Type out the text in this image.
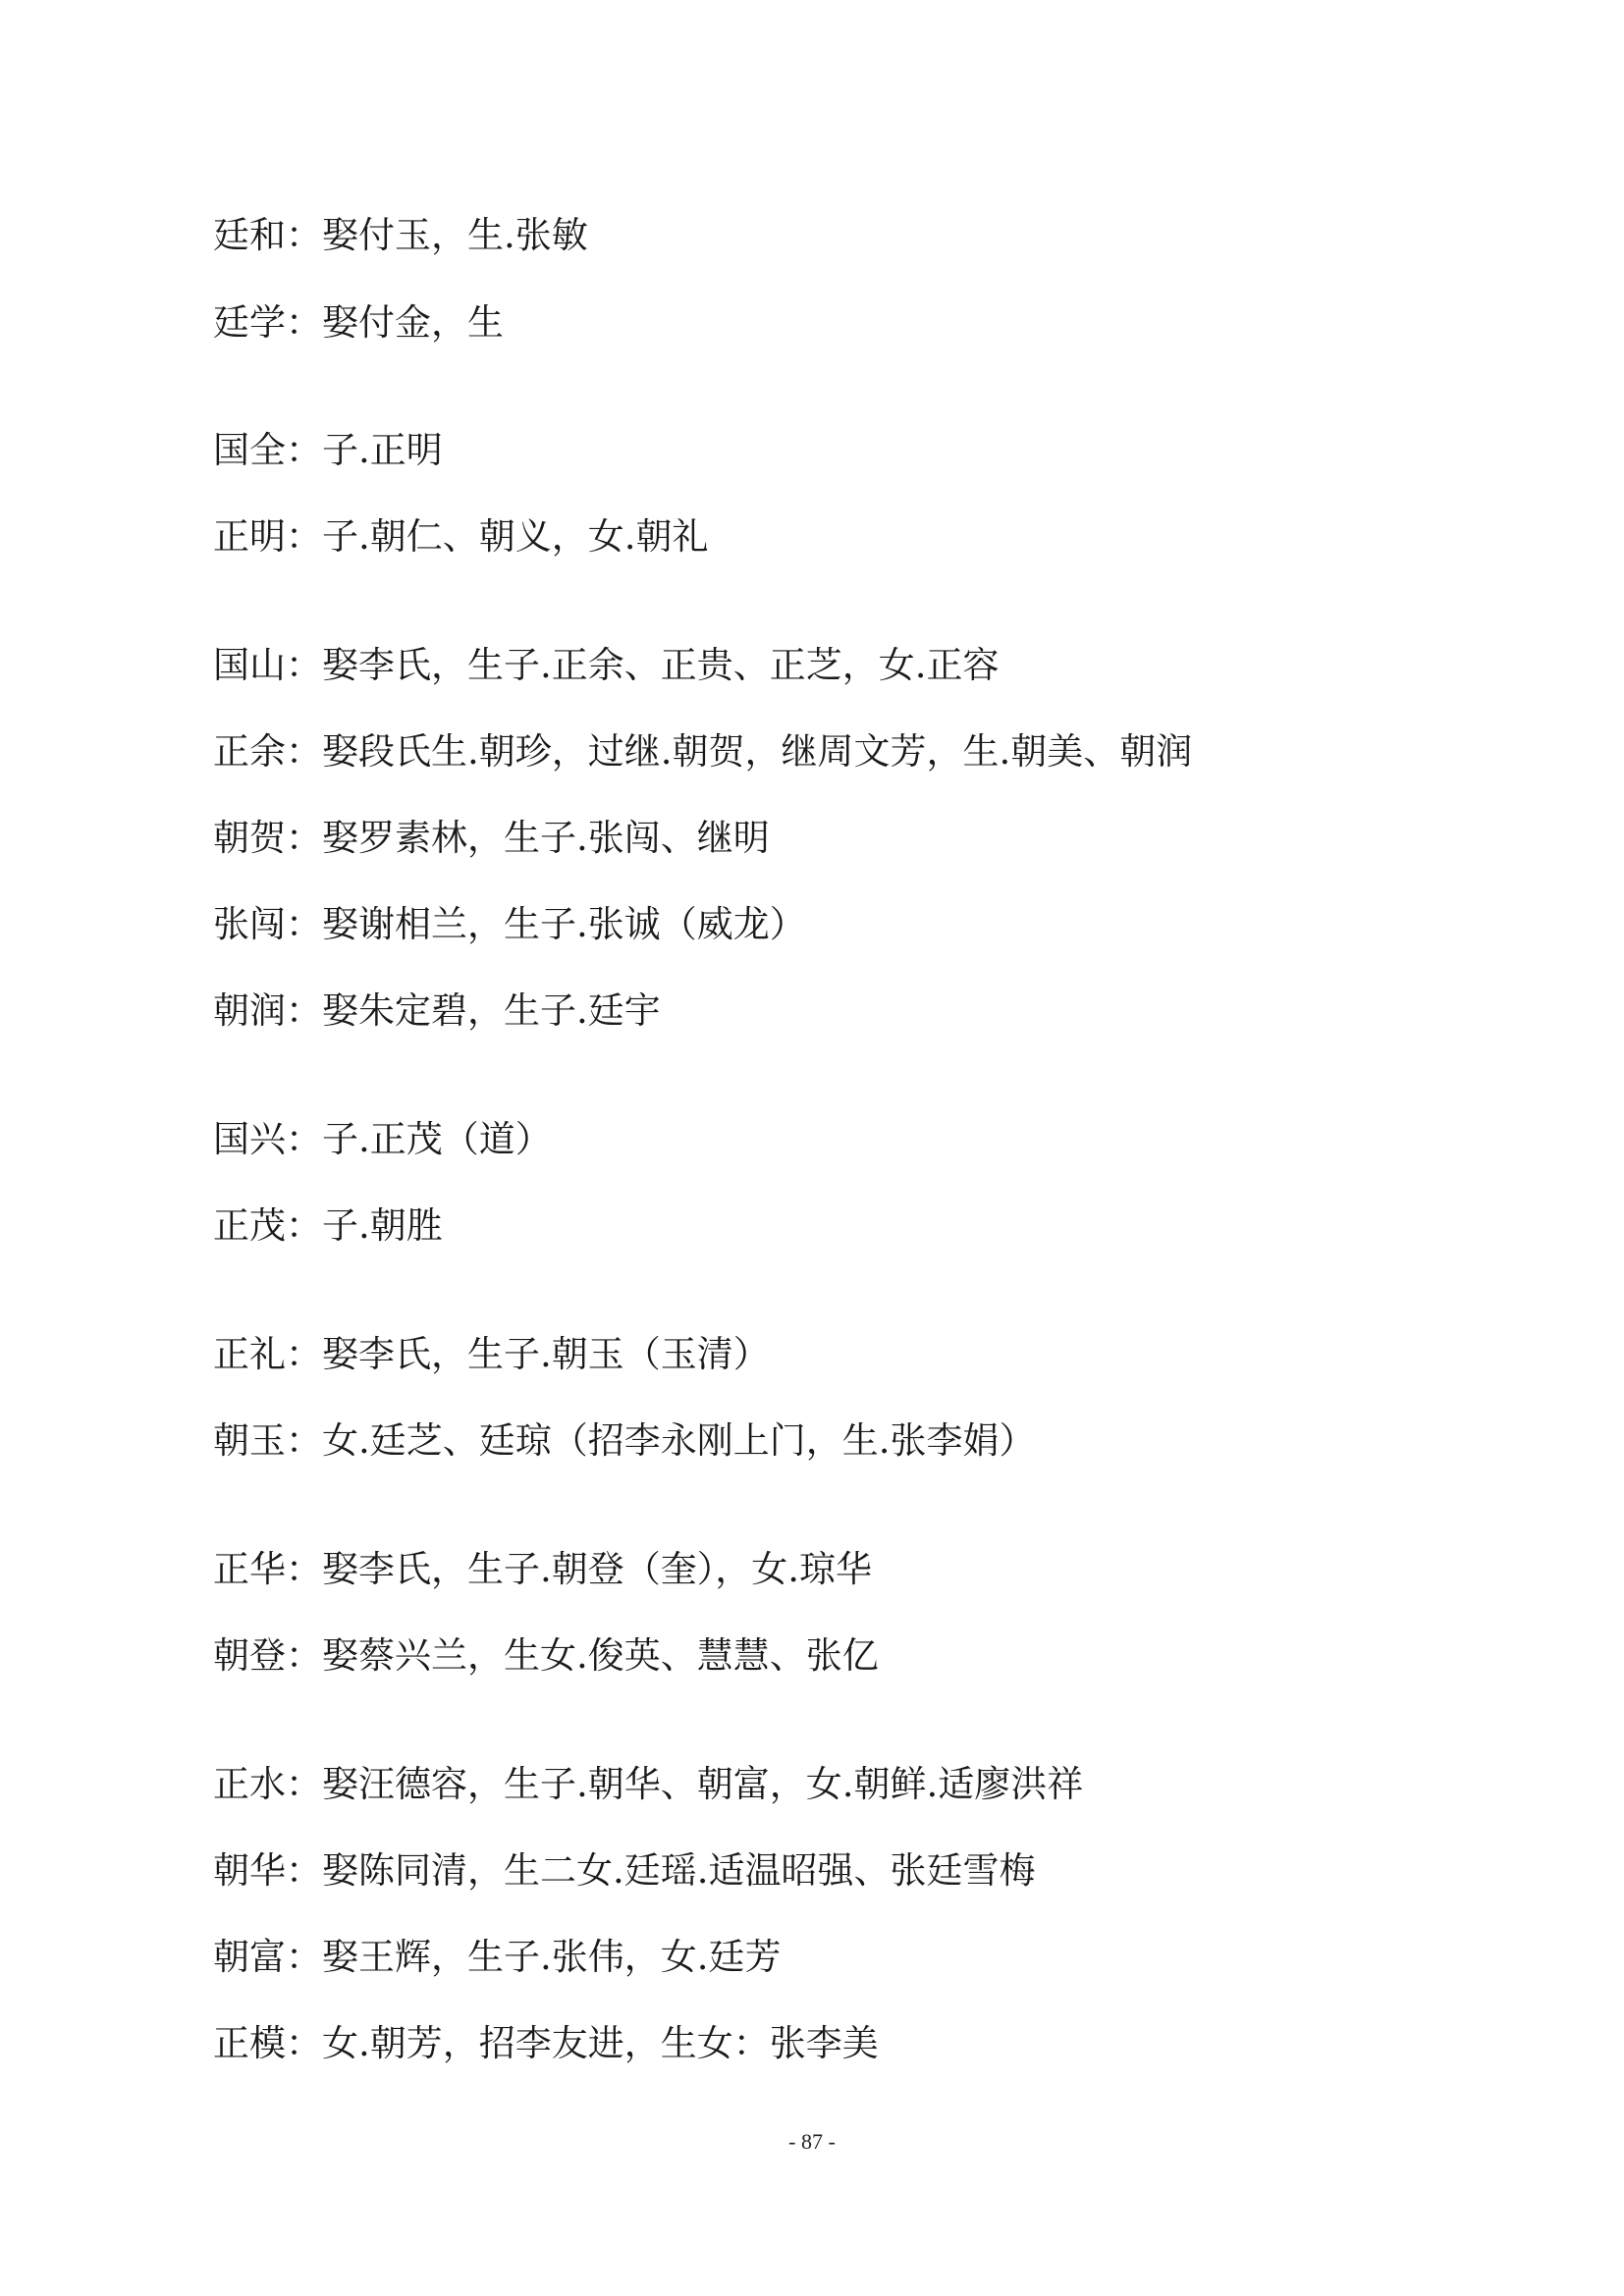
廷和：娶付玉，生.张敏
廷学：娶付金，生
国全：子.正明
正明：子.朝仁、朝义，女.朝礼
国山：娶李氏，生子.正余、正贵、正芝，女.正容
正余：娶段氏生.朝珍，过继.朝贺，继周文芳，生.朝美、朝润
朝贺：娶罗素林，生子.张闯、继明
张闯：娶谢相兰，生子.张诚（威龙）
朝润：娶朱定碧，生子.廷宇
国兴：子.正茂（道）
正茂：子.朝胜
正礼：娶李氏，生子.朝玉（玉清）
朝玉：女.廷芝、廷琼（招李永刚上门，生.张李娟）
正华：娶李氏，生子.朝登（奎），女.琼华
朝登：娶蔡兴兰，生女.俊英、慧慧、张亿
正水：娶汪德容，生子.朝华、朝富，女.朝鲜.适廖洪祥
朝华：娶陈同清，生二女.廷瑶.适温昭强、张廷雪梅
朝富：娶王辉，生子.张伟，女.廷芳
正模：女.朝芳，招李友进，生女：张李美
- 87 -
